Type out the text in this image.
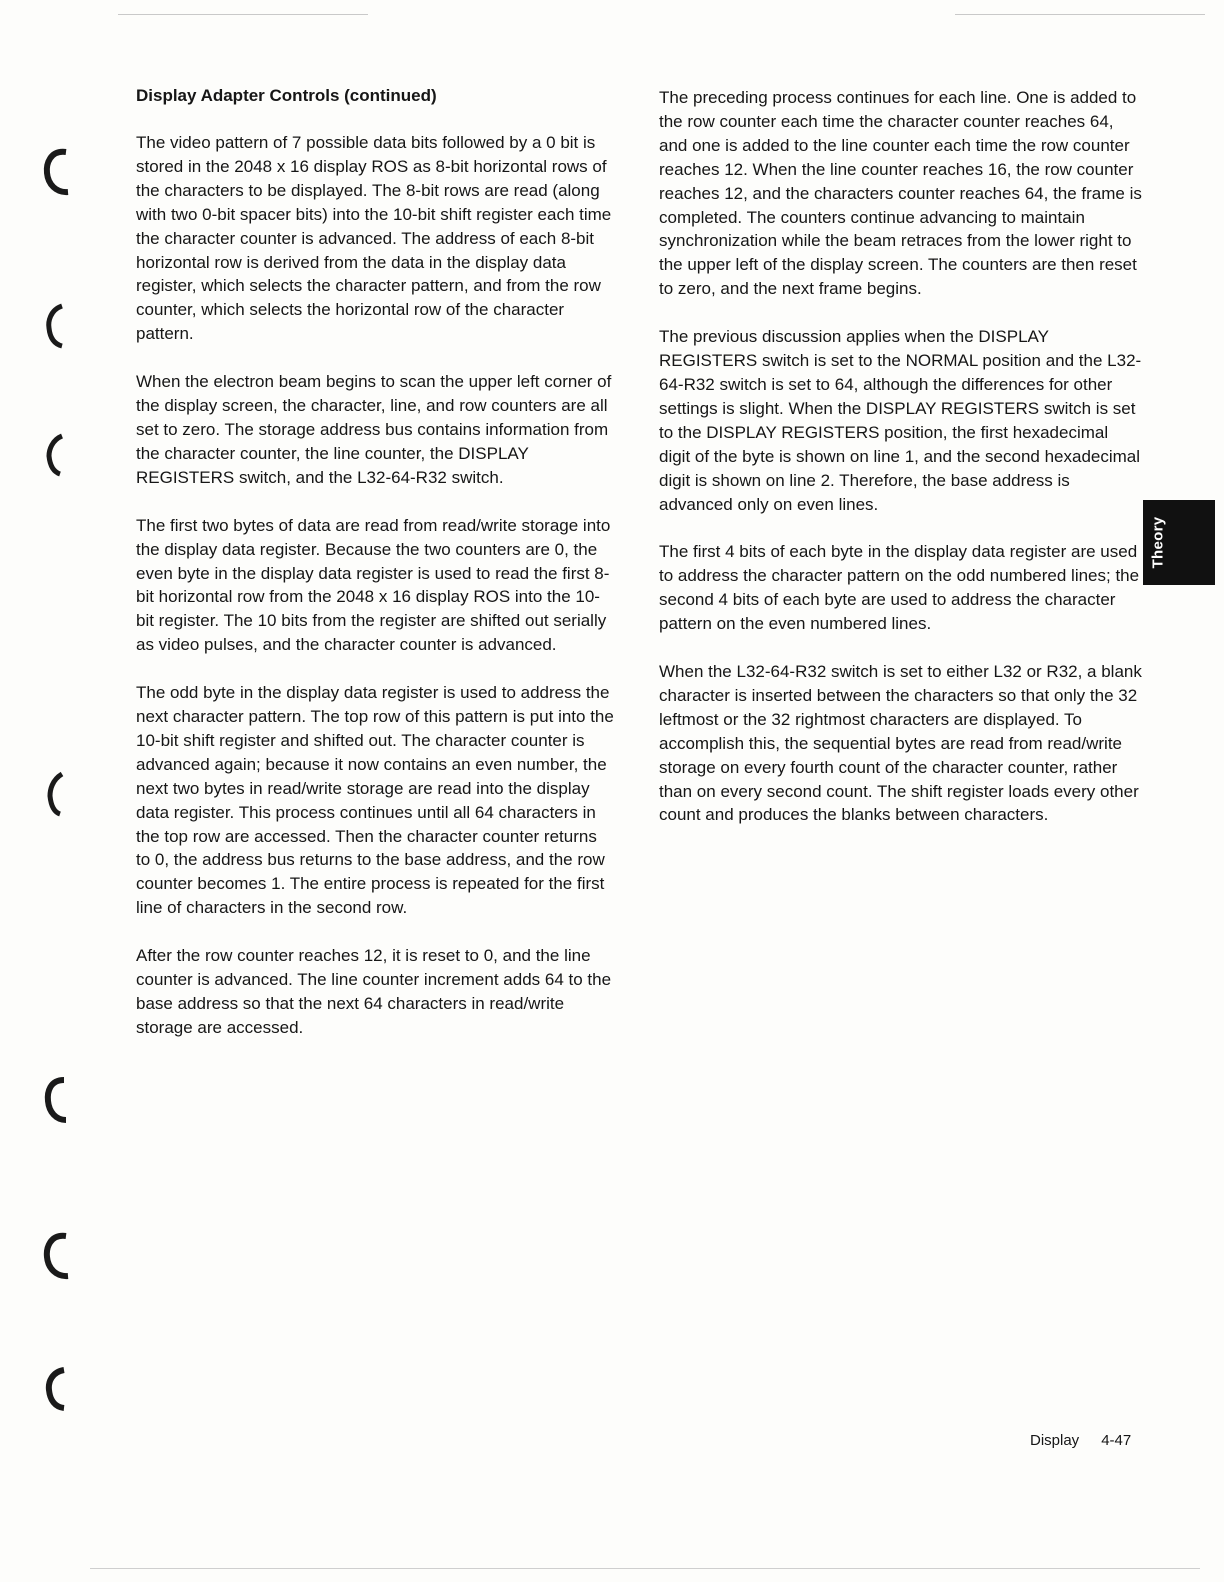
Display Adapter Controls (continued)

The video pattern of 7 possible data bits followed by a 0 bit is stored in the 2048 x 16 display ROS as 8-bit horizontal rows of the characters to be displayed. The 8-bit rows are read (along with two 0-bit spacer bits) into the 10-bit shift register each time the character counter is advanced. The address of each 8-bit horizontal row is derived from the data in the display data register, which selects the character pattern, and from the row counter, which selects the horizontal row of the character pattern.

When the electron beam begins to scan the upper left corner of the display screen, the character, line, and row counters are all set to zero. The storage address bus contains information from the character counter, the line counter, the DISPLAY REGISTERS switch, and the L32-64-R32 switch.

The first two bytes of data are read from read/write storage into the display data register. Because the two counters are 0, the even byte in the display data register is used to read the first 8-bit horizontal row from the 2048 x 16 display ROS into the 10-bit register. The 10 bits from the register are shifted out serially as video pulses, and the character counter is advanced.

The odd byte in the display data register is used to address the next character pattern. The top row of this pattern is put into the 10-bit shift register and shifted out. The character counter is advanced again; because it now contains an even number, the next two bytes in read/write storage are read into the display data register. This process continues until all 64 characters in the top row are accessed. Then the character counter returns to 0, the address bus returns to the base address, and the row counter becomes 1. The entire process is repeated for the first line of characters in the second row.

After the row counter reaches 12, it is reset to 0, and the line counter is advanced. The line counter increment adds 64 to the base address so that the next 64 characters in read/write storage are accessed.

The preceding process continues for each line. One is added to the row counter each time the character counter reaches 64, and one is added to the line counter each time the row counter reaches 12. When the line counter reaches 16, the row counter reaches 12, and the characters counter reaches 64, the frame is completed. The counters continue advancing to maintain synchronization while the beam retraces from the lower right to the upper left of the display screen. The counters are then reset to zero, and the next frame begins.

The previous discussion applies when the DISPLAY REGISTERS switch is set to the NORMAL position and the L32-64-R32 switch is set to 64, although the differences for other settings is slight. When the DISPLAY REGISTERS switch is set to the DISPLAY REGISTERS position, the first hexadecimal digit of the byte is shown on line 1, and the second hexadecimal digit is shown on line 2. Therefore, the base address is advanced only on even lines.

The first 4 bits of each byte in the display data register are used to address the character pattern on the odd numbered lines; the second 4 bits of each byte are used to address the character pattern on the even numbered lines.

When the L32-64-R32 switch is set to either L32 or R32, a blank character is inserted between the characters so that only the 32 leftmost or the 32 rightmost characters are displayed. To accomplish this, the sequential bytes are read from read/write storage on every fourth count of the character counter, rather than on every second count. The shift register loads every other count and produces the blanks between characters.

Theory
Display 4-47
